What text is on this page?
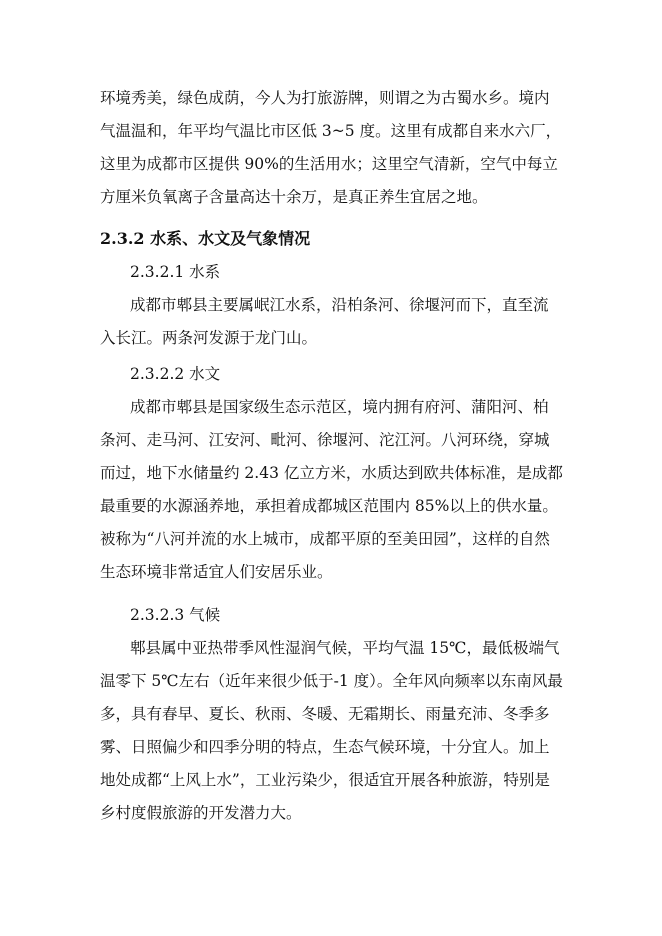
环境秀美，绿色成荫，今人为打旅游牌，则谓之为古蜀水乡。境内
气温温和，年平均气温比市区低 3~5 度。这里有成都自来水六厂，
这里为成都市区提供 90%的生活用水；这里空气清新，空气中每立
方厘米负氧离子含量高达十余万，是真正养生宜居之地。
2.3.2 水系、水文及气象情况
2.3.2.1 水系
成都市郫县主要属岷江水系，沿柏条河、徐堰河而下，直至流
入长江。两条河发源于龙门山。
2.3.2.2 水文
成都市郫县是国家级生态示范区，境内拥有府河、蒲阳河、柏
条河、走马河、江安河、毗河、徐堰河、沱江河。八河环绕，穿城
而过，地下水储量约 2.43 亿立方米，水质达到欧共体标准，是成都
最重要的水源涵养地，承担着成都城区范围内 85%以上的供水量。
被称为“八河并流的水上城市，成都平原的至美田园”，这样的自然
生态环境非常适宜人们安居乐业。
2.3.2.3 气候
郫县属中亚热带季风性湿润气候，平均气温 15℃，最低极端气
温零下 5℃左右（近年来很少低于-1 度）。全年风向频率以东南风最
多，具有春早、夏长、秋雨、冬暖、无霜期长、雨量充沛、冬季多
雾、日照偏少和四季分明的特点，生态气候环境，十分宜人。加上
地处成都“上风上水”，工业污染少，很适宜开展各种旅游，特别是
乡村度假旅游的开发潜力大。
